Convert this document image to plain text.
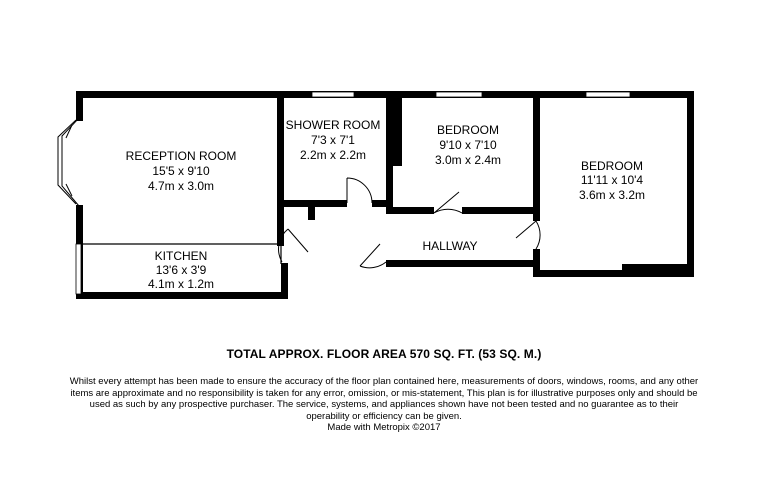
RECEPTION ROOM
15'5 x 9'10
4.7m x 3.0m
KITCHEN
13'6 x 3'9
4.1m x 1.2m
SHOWER ROOM
7'3 x 7'1
2.2m x 2.2m
BEDROOM
9'10 x 7'10
3.0m x 2.4m	BEDROOM
11'11 x 10'4
3.6m x 3.2m
HALLWAY
TOTAL APPROX. FLOOR AREA 570 SQ. FT. (53 SQ. M.)
Whilst every attempt has been made to ensure the accuracy of the floor plan contained here, measurements of doors, windows, rooms, and any other
items are approximate and no responsibility is taken for any error, omission, or mis-statement, This plan is for illustrative purposes only and should be
used as such by any prospective purchaser. The service, systems, and appliances shown have not been tested and no guarantee as to their
operability or efficiency can be given.
Made with Metropix ©2017
